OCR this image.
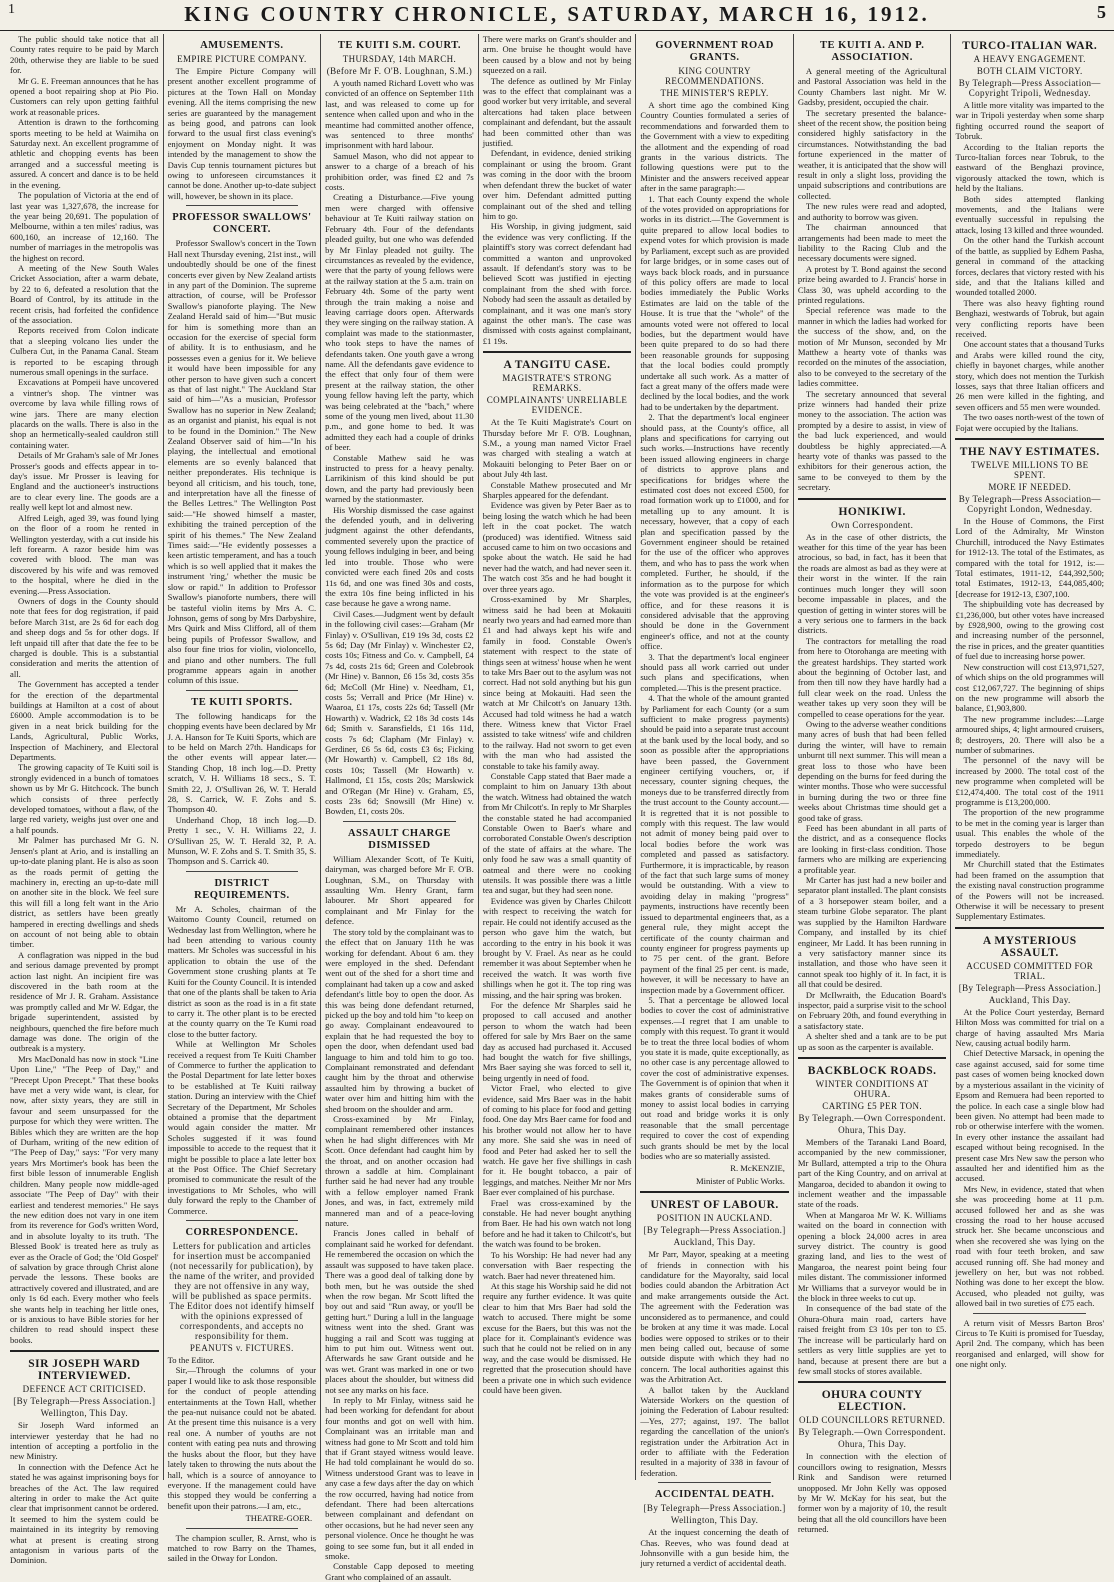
1	KING COUNTRY CHRONICLE, SATURDAY, MARCH 16, 1912.	5

The public should take notice that all County rates require to be paid by March 20th, otherwise they are liable to be sued for.

Mr G. E. Freeman announces that he has opened a boot repairing shop at Pio Pio. Customers can rely upon getting faithful work at reasonable prices.

Attention is drawn to the forthcoming sports meeting to be held at Waimiha on Saturday next. An excellent programme of athletic and chopping events has been arranged and a successful meeting is assured. A concert and dance is to be held in the evening.

The population of Victoria at the end of last year was 1,327,678, the increase for the year being 20,691. The population of Melbourne, within a ten miles' radius, was 600,160, an increase of 12,160. The number of marriages in the metropolis was the highest on record.

A meeting of the New South Wales Cricket Association, after a warm debate, by 22 to 6, defeated a resolution that the Board of Control, by its attitude in the recent crisis, had forfeited the confidence of the association.

Reports received from Colon indicate that a sleeping volcano lies under the Culbera Cut, in the Panama Canal. Steam is reported to be escaping through numerous small openings in the surface.

Excavations at Pompeii have uncovered a vintner's shop. The vintner was overcome by lava while filling rows of wine jars. There are many election placards on the walls. There is also in the shop an hermetically-sealed cauldron still containing water.

Details of Mr Graham's sale of Mr Jones Prosser's goods and effects appear in to-day's issue. Mr Prosser is leaving for England and the auctioneer's instructions are to clear every line. The goods are a really well kept lot and almost new.

Alfred Leigh, aged 39, was found lying on the floor of a room he rented in Wellington yesterday, with a cut inside his left forearm. A razor beside him was covered with blood. The man was discovered by his wife and was removed to the hospital, where he died in the evening.—Press Association.

Owners of dogs in the County should note that fees for dog registration, if paid before March 31st, are 2s 6d for each dog and sheep dogs and 5s for other dogs. If left unpaid till after that date the fee to be charged is double. This is a substantial consideration and merits the attention of all.

The Government has accepted a tender for the erection of the departmental buildings at Hamilton at a cost of about £6000. Ample accommodation is to be given in a neat brick building for the Lands, Agricultural, Public Works, Inspection of Machinery, and Electoral Departments.

The growing capacity of Te Kuiti soil is strongly evidenced in a bunch of tomatoes shown us by Mr G. Hitchcock. The bunch which consists of three perfectly developed tomatoes, without a flaw, of the large red variety, weighs just over one and a half pounds.

Mr Palmer has purchased Mr G. N. Jensen's plant at Ario, and is installing an up-to-date planing plant. He is also as soon as the roads permit of getting the machinery in, erecting an up-to-date mill on another site in the block. We feel sure this will fill a long felt want in the Ario district, as settlers have been greatly hampered in erecting dwellings and sheds on account of not being able to obtain timber.

A conflagration was nipped in the bud and serious damage prevented by prompt action last night. An incipient fire was discovered in the bath room at the residence of Mr J. R. Graham. Assistance was promptly called and Mr W. Edgar, the brigade superintendent, assisted by neighbours, quenched the fire before much damage was done. The origin of the outbreak is a mystery.

Mrs MacDonald has now in stock "Line Upon Line," "The Peep of Day," and "Precept Upon Precept." That these books have met a very wide want, is clear, for now, after sixty years, they are still in favour and seem unsurpassed for the purpose for which they were written. The Bibles which they are written are the hop of Durham, writing of the new edition of "The Peep of Day," says: "For very many years Mrs Mortimer's book has been the first bible lesson of innumerable English children. Many people now middle-aged associate "The Peep of Day" with their earliest and tenderest memories." He says the new edition does not vary in one item from its reverence for God's written Word, and in absolute loyalty to its truth. 'The Blessed Book' is treated here as truly as ever as the Oracle of God; the 'Old Gospel' of salvation by grace through Christ alone pervade the lessons. These books are attractively covered and illustrated, and are only 1s 6d each. Every mother who feels she wants help in teaching her little ones, or is anxious to have Bible stories for her children to read should inspect these books.

SIR JOSEPH WARD INTERVIEWED.
DEFENCE ACT CRITICISED.
[By Telegraph—Press Association.]
Wellington, This Day.

Sir Joseph Ward informed an interviewer yesterday that he had no intention of accepting a portfolio in the new Ministry.

In connection with the Defence Act he stated he was against imprisoning boys for breaches of the Act. The law required altering in order to make the Act quite clear that imprisonment cannot be ordered. It seemed to him the system could be maintained in its integrity by removing what at present is creating strong antagonism in various parts of the Dominion.

AMUSEMENTS.
EMPIRE PICTURE COMPANY.

The Empire Picture Company will present another excellent programme of pictures at the Town Hall on Monday evening. All the items comprising the new series are guaranteed by the management as being good, and patrons can look forward to the usual first class evening's enjoyment on Monday night. It was intended by the management to show the Davis Cup tennis tournament pictures but owing to unforeseen circumstances it cannot be done. Another up-to-date subject will, however, be shown in its place.

PROFESSOR SWALLOWS' CONCERT.

Professor Swallow's concert in the Town Hall next Thursday evening, 21st inst., will undoubtedly should be one of the finest concerts ever given by New Zealand artists in any part of the Dominion. The supreme attraction, of course, will be Professor Swallow's pianoforte playing. The New Zealand Herald said of him—"But music for him is something more than an occasion for the exercise of special form of ability. It is to enthusiasm, and he possesses even a genius for it. We believe it would have been impossible for any other person to have given such a concert as that of last night." The Auckland Star said of him—"As a musician, Professor Swallow has no superior in New Zealand; as an organist and pianist, his equal is not to be found in the Dominion." The New Zealand Observer said of him—"In his playing, the intellectual and emotional elements are so evenly balanced that neither preponderates. His technique is beyond all criticism, and his touch, tone, and interpretation have all the finesse of the Belles Lettres." The Wellington Post said:—"He showed himself a master, exhibiting the trained perception of the spirit of his themes." The New Zealand Times said:—"He evidently possesses a keen artistic temperament, and has a touch which is so well applied that it makes the instrument 'ring,' whether the music be slow or rapid." In addition to Professor Swallow's pianoforte numbers, there will be tasteful violin items by Mrs A. C. Johnson, gems of song by Mrs Darbyshire, Mrs Quirk and Miss Clifford, all of them being pupils of Professor Swallow, and also four fine trios for violin, violoncello, and piano and other numbers. The full programme appears again in another column of this issue.

TE KUITI SPORTS.

The following handicaps for the chopping events have been declared by Mr J. A. Hanson for Te Kuiti Sports, which are to be held on March 27th. Handicaps for the other events will appear later.—Standing Chop, 18 inch log.—D. Pretty scratch, V. H. Williams 18 secs., S. T. Smith 22, J. O'Sullivan 26, W. T. Herald 28, S. Carrick, W. F. Zohs and S. Thompson 40.

Underhand Chop, 18 inch log.—D. Pretty 1 sec., V. H. Williams 22, J. O'Sullivan 25, W. T. Herald 32, P. A. Munson, W. F. Zohs and S. T. Smith 35, S. Thompson and S. Carrick 40.

DISTRICT REQUIREMENTS.

Mr A. Scholes, chairman of the Waitomo County Council, returned on Wednesday last from Wellington, where he had been attending to various county matters. Mr Scholes was successful in his application to obtain the use of the Government stone crushing plants at Te Kuiti for the County Council. It is intended that one of the plants shall be taken to Aria district as soon as the road is in a fit state to carry it. The other plant is to be erected at the county quarry on the Te Kumi road close to the butter factory.

While at Wellington Mr Scholes received a request from Te Kuiti Chamber of Commerce to further the application to the Postal Department for late letter boxes to be established at Te Kuiti railway station. During an interview with the Chief Secretary of the Department, Mr Scholes obtained a promise that the department would again consider the matter. Mr Scholes suggested if it was found impossible to accede to the request that it might be possible to place a late letter box at the Post Office. The Chief Secretary promised to communicate the result of the investigations to Mr Scholes, who will duly forward the reply to the Chamber of Commerce.

CORRESPONDENCE.
Letters for publication and articles for insertion must be accompanied (not necessarily for publication), by the name of the writer, and provided they are not offensive in any way, will be published as space permits. The Editor does not identify himself with the opinions expressed of correspondents, and accepts no responsibility for them.
PEANUTS v. FICTURES.

To the Editor.

Sir,—Through the columns of your paper I would like to ask those responsible for the conduct of people attending entertainments at the Town Hall, whether the pea-nut nuisance could not be abated. At the present time this nuisance is a very real one. A number of youths are not content with eating pea nuts and throwing the husks about the floor, but they have lately taken to throwing the nuts about the hall, which is a source of annoyance to everyone. If the management could have this stopped they would be conferring a benefit upon their patrons.—I am, etc.,

THEATRE-GOER.

The champion sculler, R. Arnst, who is matched to row Barry on the Thames, sailed in the Otway for London.

TE KUITI S.M. COURT.
THURSDAY, 14th MARCH.
(Before Mr F. O'B. Loughnan, S.M.)

A youth named Richard Lovett who was convicted of an offence on September 11th last, and was released to come up for sentence when called upon and who in the meantime had committed another offence, was sentenced to three months' imprisonment with hard labour.

Samuel Mason, who did not appear to answer to a charge of a breach of his prohibition order, was fined £2 and 7s costs.

Creating a Disturbance.—Five young men were charged with offensive behaviour at Te Kuiti railway station on February 4th. Four of the defendants pleaded guilty, but one who was defended by Mr Finlay pleaded not guilty. The circumstances as revealed by the evidence, were that the party of young fellows were at the railway station at the 5 a.m. train on February 4th. Some of the party went through the train making a noise and leaving carriage doors open. Afterwards they were singing on the railway station. A complaint was made to the stationmaster, who took steps to have the names of defendants taken. One youth gave a wrong name. All the defendants gave evidence to the effect that only four of them were present at the railway station, the other young fellow having left the party, which was being celebrated at the "bach," where some of the young men lived, about 11.30 p.m., and gone home to bed. It was admitted they each had a couple of drinks of beer.

Constable Mathew said he was instructed to press for a heavy penalty. Larrikinism of this kind should be put down, and the party had previously been warned by the stationmaster.

His Worship dismissed the case against the defended youth, and in delivering judgment against the other defendants, commented severely upon the practice of young fellows indulging in beer, and being led into trouble. Those who were convicted were each fined 20s and costs 11s 6d, and one was fined 30s and costs, the extra 10s fine being inflicted in his case because he gave a wrong name.

Civil Cases.—Judgment went by default in the following civil cases:—Graham (Mr Finlay) v. O'Sullivan, £19 19s 3d, costs £2 5s 6d; Day (Mr Finlay) v. Winchester £2, costs 10s; Fitness and Co. v. Campbell, £4 7s 4d, costs 21s 6d; Green and Colebrook (Mr Hine) v. Bannon, £6 15s 3d, costs 35s 6d; McColl (Mr Hine) v. Needham, £1, costs 5s; Verrall and Price (Mr Hine) v. Waaroa, £1 17s, costs 22s 6d; Tassell (Mr Howarth) v. Wadrick, £2 18s 3d costs 14s 6d; Smith v. Saransfields, £1 16s 11d, costs 7s 6d; Clapham (Mr Finlay) v. Gerdiner, £6 5s 6d, costs £3 6s; Ficking (Mr Howarth) v. Campbell, £2 18s 8d, costs 10s; Tassell (Mr Howarth) v. Hallmond, £1 15s, costs 20s; Marskwick and O'Regan (Mr Hine) v. Graham, £5, costs 23s 6d; Snowsill (Mr Hine) v. Bowden, £1, costs 20s.

ASSAULT CHARGE DISMISSED

William Alexander Scott, of Te Kuiti, dairyman, was charged before Mr F. O'B. Loughnan, S.M., on Thursday with assaulting Wm. Henry Grant, farm labourer. Mr Short appeared for complainant and Mr Finlay for the defence.

The story told by the complainant was to the effect that on January 11th he was working for defendant. About 6 am. they were employed in the shed. Defendant went out of the shed for a short time and complainant had taken up a cow and asked defendant's little boy to open the door. As this was being done defendant returned, picked up the boy and told him "to keep on go away. Complainant endeavoured to explain that he had requested the boy to open the door, when defendant used bad language to him and told him to go too. Complainant remonstrated and defendant caught him by the throat and otherwise assaulted him by throwing a bucket of water over him and hitting him with the shed broom on the shoulder and arm.

Cross-examined by Mr Finlay, complainant remembered other instances when he had slight differences with Mr Scott. Once defendant had caught him by the throat, and on another occasion had thrown a saddle at him. Complainant further said he had never had any trouble with a fellow employer named Frank Jones, and was, in fact, extremely mild mannered man and of a peace-loving nature.

Francis Jones called in behalf of complainant said he worked for defendant. He remembered the occasion on which the assault was supposed to have taken place. There was a good deal of talking done by both men, but he was outside the shed when the row began. Mr Scott lifted the boy out and said "Run away, or you'll be getting hurt." During a lull in the language witness went into the shed. Grant was hugging a rail and Scott was tugging at him to put him out. Witness went out. Afterwards he saw Grant outside and he was wet. Grant was marked in one or two places about the shoulder, but witness did not see any marks on his face.

In reply to Mr Finlay, witness said he had been working for defendant for about four months and got on well with him. Complainant was an irritable man and witness had gone to Mr Scott and told him that if Grant stayed witness would leave. He had told complainant he would do so. Witness understood Grant was to leave in any case a few days after the day on which the row occurred, having had notice from defendant. There had been altercations between complainant and defendant on other occasions, but he had never seen any personal violence. Once he thought he was going to see some fun, but it all ended in smoke.

Constable Capp deposed to meeting Grant who complained of an assault.

There were marks on Grant's shoulder and arm. One bruise he thought would have been caused by a blow and not by being squeezed on a rail.

The defence as outlined by Mr Finlay was to the effect that complainant was a good worker but very irritable, and several altercations had taken place between complainant and defendant, but the assault had been committed other than was justified.

Defendant, in evidence, denied striking complainant or using the broom. Grant was coming in the door with the broom when defendant threw the bucket of water over him. Defendant admitted putting complainant out of the shed and telling him to go.

His Worship, in giving judgment, said the evidence was very conflicting. If the plaintiff's story was correct defendant had committed a wanton and unprovoked assault. If defendant's story was to be believed Scott was justified in ejecting complainant from the shed with force. Nobody had seen the assault as detailed by complainant, and it was one man's story against the other man's. The case was dismissed with costs against complainant, £1 19s.

A TANGITU CASE.
MAGISTRATE'S STRONG REMARKS.
COMPLAINANTS' UNRELIABLE EVIDENCE.

At the Te Kuiti Magistrate's Court on Thursday before Mr F. O'B. Loughnan, S.M., a young man named Victor Frael was charged with stealing a watch at Mokauiti belonging to Peter Baer on or about July 4th last.

Constable Mathew prosecuted and Mr Sharples appeared for the defendant.

Evidence was given by Peter Baer as to being losing the watch which he had been left in the coat pocket. The watch (produced) was identified. Witness said accused came to him on two occasions and spoke about the watch. He said he had never had the watch, and had never seen it. The watch cost 35s and he had bought it over three years ago.

Cross-examined by Mr Sharples, witness said he had been at Mokauiti nearly two years and had earned more than £1 and had always kept his wife and family in food. Constable Owen's statement with respect to the state of things seen at witness' house when he went to take Mrs Baer out to the asylum was not correct. Had not sold anything but his gun since being at Mokauiti. Had seen the watch at Mr Chilcott's on January 13th. Accused had told witness he had a watch there. Witness knew that Victor Frael assisted to take witness' wife and children to the railway. Had not sworn to get even with the man who had assisted the constable to take his family away.

Constable Capp stated that Baer made a complaint to him on January 13th about the watch. Witness had obtained the watch from Mr Chilcott's. In reply to Mr Sharples the constable stated he had accompanied Constable Owen to Baer's whare and corroborated Constable Owen's description of the state of affairs at the whare. The only food he saw was a small quantity of oatmeal and there were no cooking utensils. It was possible there was a little tea and sugar, but they had seen none.

Evidence was given by Charles Chilcott with respect to receiving the watch for repair. He could not identify accused as the person who gave him the watch, but according to the entry in his book it was brought by V. Frael. As near as he could remember it was about September when he received the watch. It was worth five shillings when he got it. The top ring was missing, and the hair spring was broken.

For the defence Mr Sharples said he proposed to call accused and another person to whom the watch had been offered for sale by Mrs Baer on the same day as accused had purchased it. Accused had bought the watch for five shillings, Mrs Baer saying she was forced to sell it, being urgently in need of food.

Victor Frael, who elected to give evidence, said Mrs Baer was in the habit of coming to his place for food and getting food. One day Mrs Baer came for food and his brother would not allow her to have any more. She said she was in need of food and Peter had asked her to sell the watch. He gave her five shillings in cash for it. He bought tobacco, a pair of leggings, and matches. Neither Mr nor Mrs Baer ever complained of his purchase.

Frael was cross-examined by the constable. He had never bought anything from Baer. He had his own watch not long before and he had it taken to Chilcott's, but the watch was found to be broken.

To his Worship: He had never had any conversation with Baer respecting the watch. Baer had never threatened him.

At this stage his Worship said he did not require any further evidence. It was quite clear to him that Mrs Baer had sold the watch to accused. There might be some excuse for the Baers, but this was not the place for it. Complainant's evidence was such that he could not be relied on in any way, and the case would be dismissed. He regretted that the prosecution should have been a private one in which such evidence could have been given.

GOVERNMENT ROAD GRANTS.
KING COUNTRY RECOMMENDATIONS.
THE MINISTER'S REPLY.

A short time ago the combined King Country Counties formulated a series of recommendations and forwarded them to the Government with a view to expediting the allotment and the expending of road grants in the various districts. The following questions were put to the Minister and the answers received appear after in the same paragraph:—

1. That each County expend the whole of the votes provided on appropriations for works in its district.—The Government is quite prepared to allow local bodies to expend votes for which provision is made by Parliament, except such as are provided for large bridges, or in some cases out of ways back block roads, and in pursuance of this policy offers are made to local bodies immediately the Public Works Estimates are laid on the table of the House. It is true that the "whole" of the amounts voted were not offered to local bodies, but the department would have been quite prepared to do so had there been reasonable grounds for supposing that the local bodies could promptly undertake all such work. As a matter of fact a great many of the offers made were declined by the local bodies, and the work had to be undertaken by the department.

2. That the department's local engineer should pass, at the County's office, all plans and specifications for carrying out such works.—Instructions have recently been issued allowing engineers in charge of districts to approve plans and specifications for bridges where the estimated cost does not exceed £500, for road formation work up to £1000, and for metalling up to any amount. It is necessary, however, that a copy of each plan and specification passed by the Government engineer should be retained for the use of the officer who approves them, and who has to pass the work when completed. Further, he should, if the information as to the purpose for which the vote was provided is at the engineer's office, and for these reasons it is considered advisable that the approving should be done in the Government engineer's office, and not at the county office.

3. That the department's local engineer should pass all work carried out under such plans and specifications, when completed.—This is the present practice.

4. That the whole of the amount granted by Parliament for each County (or a sum sufficient to make progress payments) should be paid into a separate trust account at the bank used by the local body, and so soon as possible after the appropriations have been passed, the Government engineer certifying vouchers, or, if necessary, counter signing cheques, the moneys due to be transferred directly from the trust account to the County account.—It is regretted that it is not possible to comply with this request. The law would not admit of money being paid over to local bodies before the work was completed and passed as satisfactory. Furthermore, it is impracticable, by reason of the fact that such large sums of money would be outstanding. With a view to avoiding delay in making "progress" payments, instructions have recently been issued to departmental engineers that, as a general rule, they might accept the certificate of the county chairman and county engineer for progress payments up to 75 per cent. of the grant. Before payment of the final 25 per cent. is made, however, it will be necessary to have an inspection made by a Government officer.

5. That a percentage be allowed local bodies to cover the cost of administrative expenses.—I regret that I am unable to comply with this request. To grant it would be to treat the three local bodies of whom you state it is made, quite exceptionally, as no other case is any percentage allowed to cover the cost of administrative expenses. The Government is of opinion that when it makes grants of considerable sums of money to assist local bodies in carrying out road and bridge works it is only reasonable that the small percentage required to cover the cost of expending such grants should be met by the local bodies who are so materially assisted.

R. McKENZIE,
Minister of Public Works.
UNREST OF LABOUR.
POSITION IN AUCKLAND.
[By Telegraph—Press Association.]
Auckland, This Day.

Mr Parr, Mayor, speaking at a meeting of friends in connection with his candidature for the Mayoralty, said local bodies could abandon the Arbitration Act and make arrangements outside the Act. The agreement with the Federation was unconsidered as to permanence, and could be broken at any time it was made. Local bodies were opposed to strikes or to their men being called out, because of some outside dispute with which they had no concern. The local authorities against this was the Arbitration Act.

A ballot taken by the Auckland Waterside Workers on the question of joining the Federation of Labour resulted:—Yes, 277; against, 197. The ballot regarding the cancellation of the union's registration under the Arbitration Act in order to affiliate with the Federation resulted in a majority of 338 in favour of federation.

ACCIDENTAL DEATH.
[By Telegraph—Press Association.]
Wellington, This Day.

At the inquest concerning the death of Chas. Reeves, who was found dead at Johnsonville with a gun beside him, the jury returned a verdict of accidental death.

TE KUITI A. AND P. ASSOCIATION.

A general meeting of the Agricultural and Pastoral Association was held in the County Chambers last night. Mr W. Gadsby, president, occupied the chair.

The secretary presented the balance-sheet of the recent show, the position being considered highly satisfactory in the circumstances. Notwithstanding the bad fortune experienced in the matter of weather, it is anticipated that the show will result in only a slight loss, providing the unpaid subscriptions and contributions are collected.

The new rules were read and adopted, and authority to borrow was given.

The chairman announced that arrangements had been made to meet the liability to the Racing Club and the necessary documents were signed.

A protest by T. Bond against the second prize being awarded to J. Francis' horse in Class 30, was upheld according to the printed regulations.

Special reference was made to the manner in which the ladies had worked for the success of the show, and, on the motion of Mr Munson, seconded by Mr Matthew a hearty vote of thanks was recorded on the minutes of the association, also to be conveyed to the secretary of the ladies committee.

The secretary announced that several prize winners had handed their prize money to the association. The action was prompted by a desire to assist, in view of the bad luck experienced, and would doubtless be highly appreciated.—A hearty vote of thanks was passed to the exhibitors for their generous action, the same to be conveyed to them by the secretary.

HONIKIWI.
Own Correspondent.

As in the case of other districts, the weather for this time of the year has been atrocious, so bad, in fact, has it been that the roads are almost as bad as they were at their worst in the winter. If the rain continues much longer they will soon become impassable in places, and the question of getting in winter stores will be a very serious one to farmers in the back districts.

The contractors for metalling the road from here to Otorohanga are meeting with the greatest hardships. They started work about the beginning of October last, and from then till now they have hardly had a full clear week on the road. Unless the weather takes up very soon they will be compelled to cease operations for the year.

Owing to the adverse weather conditions many acres of bush that had been felled during the winter, will have to remain unburnt till next summer. This will mean a great loss to those who have been depending on the burns for feed during the winter months. Those who were successful in burning during the two or three fine weeks about Christmas time should get a good take of grass.

Feed has been abundant in all parts of the district, and as a consequence flocks are looking in first-class condition. Those farmers who are milking are experiencing a profitable year.

Mr Carter has just had a new boiler and separator plant installed. The plant consists of a 3 horsepower steam boiler, and a steam turbine Globe separator. The plant was supplied by the Hamilton Hardware Company, and installed by its chief engineer, Mr Ladd. It has been running in a very satisfactory manner since its installation, and those who have seen it cannot speak too highly of it. In fact, it is all that could be desired.

Dr McIlwraith, the Education Board's inspector, paid a surprise visit to the school on February 20th, and found everything in a satisfactory state.

A shelter shed and a tank are to be put up as soon as the carpenter is available.

BACKBLOCK ROADS.
WINTER CONDITIONS AT OHURA.
CARTING £5 PER TON.
By Telegraph.—Own Correspondent.
Ohura, This Day.

Members of the Taranaki Land Board, accompanied by the new commissioner, Mr Bullard, attempted a trip to the Ohura part of the King Country, and on arrival at Mangaroa, decided to abandon it owing to inclement weather and the impassable state of the roads.

When at Mangaroa Mr W. K. Williams waited on the board in connection with opening a block 24,000 acres in area survey district. The country is good grazing land, and lies to the west of Mangaroa, the nearest point being four miles distant. The commissioner informed Mr Williams that a surveyor would be in the block in three weeks to cut up.

In consequence of the bad state of the Ohura-Ohura main road, carters have raised freight from £3 10s per ton to £5. The increase will be particularly hard on settlers as very little supplies are yet to hand, because at present there are but a few small stocks of stores available.

OHURA COUNTY ELECTION.
OLD COUNCILLORS RETURNED.
By Telegraph.—Own Correspondent.
Ohura, This Day.

In connection with the election of councillors owing to resignation, Messrs Rink and Sandison were returned unopposed. Mr John Kelly was opposed by Mr W. McKay for his seat, but the former won by a majority of 10, the result being that all the old councillors have been returned.

TURCO-ITALIAN WAR.
A HEAVY ENGAGEMENT.
BOTH CLAIM VICTORY.
By Telegraph—Press Association—Copyright Tripoli, Wednesday.

A little more vitality was imparted to the war in Tripoli yesterday when some sharp fighting occurred round the seaport of Tobruk.

According to the Italian reports the Turco-Italian forces near Tobruk, to the eastward of the Benghazi province, vigorously attacked the town, which is held by the Italians.

Both sides attempted flanking movements, and the Italians were eventually successful in repulsing the attack, losing 13 killed and three wounded.

On the other hand the Turkish account of the battle, as supplied by Edhem Pasha, general in command of the attacking forces, declares that victory rested with his side, and that the Italians killed and wounded totalled 2000.

There was also heavy fighting round Benghazi, westwards of Tobruk, but again very conflicting reports have been received.

One account states that a thousand Turks and Arabs were killed round the city, chiefly in bayonet charges, while another story, which does not mention the Turkish losses, says that three Italian officers and 26 men were killed in the fighting, and seven officers and 55 men were wounded.

The two oases north-west of the town of Fojat were occupied by the Italians.

THE NAVY ESTIMATES.
TWELVE MILLIONS TO BE SPENT.
MORE IF NEEDED.
By Telegraph—Press Association—Copyright London, Wednesday.

In the House of Commons, the First Lord of the Admiralty, Mr Winston Churchill, introduced the Navy Estimates for 1912-13. The total of the Estimates, as compared with the total for 1912, is:—Total estimates, 1911-12, £44,392,500; total Estimates, 1912-13, £44,085,400; [decrease for 1912-13, £307,100.

The shipbuilding vote has decreased by £1,236,000, but other votes have increased by £928,900, owing to the growing cost and increasing number of the personnel, the rise in prices, and the greater quantities of fuel due to increasing horse power.

New construction will cost £13,971,527, of which ships on the old programmes will cost £12,067,727. The beginning of ships on the new programme will absorb the balance, £1,903,800.

The new programme includes:—Large armoured ships, 4; light armoured cruisers, 8; destroyers, 20. There will also be a number of submarines.

The personnel of the navy will be increased by 2000. The total cost of the new programme when completed will be £12,474,400. The total cost of the 1911 programme is £13,200,000.

The proportion of the new programme to be met in the coming year is larger than usual. This enables the whole of the torpedo destroyers to be begun immediately.

Mr Churchill stated that the Estimates had been framed on the assumption that the existing naval construction programme of the Powers will not be increased. Otherwise it will be necessary to present Supplementary Estimates.

A MYSTERIOUS ASSAULT.
ACCUSED COMMITTED FOR TRIAL.
[By Telegraph—Press Association.]
Auckland, This Day.

At the Police Court yesterday, Bernard Hilton Moss was committed for trial on a charge of having assaulted Mrs Maria New, causing actual bodily harm.

Chief Detective Marsack, in opening the case against accused, said for some time past cases of women being knocked down by a mysterious assailant in the vicinity of Epsom and Remuera had been reported to the police. In each case a single blow had been given. No attempt had been made to rob or otherwise interfere with the women. In every other instance the assailant had escaped without being recognised. In the present case Mrs New saw the person who assaulted her and identified him as the accused.

Mrs New, in evidence, stated that when she was proceeding home at 11 p.m. accused followed her and as she was crossing the road to her house accused struck her. She became unconscious and when she recovered she was lying on the road with four teeth broken, and saw accused running off. She had money and jewellery on her, but was not robbed. Nothing was done to her except the blow. Accused, who pleaded not guilty, was allowed bail in two sureties of £75 each.

A return visit of Messrs Barton Bros' Circus to Te Kuiti is promised for Tuesday, April 2nd. The company, which has been reorganised and enlarged, will show for one night only.
